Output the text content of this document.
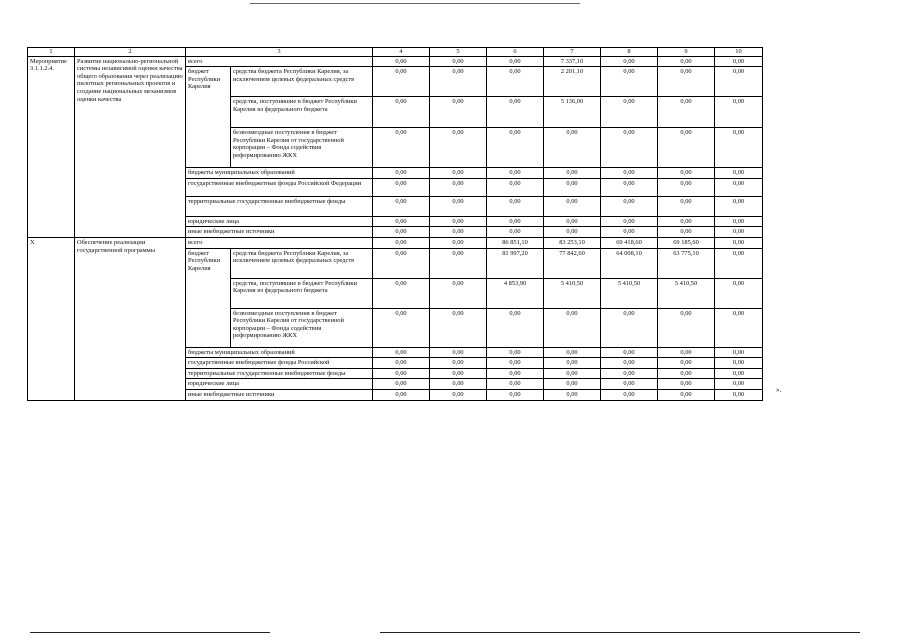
1	2	3		4	5	6	7	8	9	10
Мероприятие 3.1.1.2.4.	Развитие национально-региональной системы независимой оценки качества общего образования через реализацию пилотных региональных проектов и создание национальных механизмов оценки качества	всего		0,00	0,00	0,00	7 337,10	0,00	0,00	0,00
		бюджет Республики Карелия	средства бюджета Республики Карелия, за исключением целевых федеральных средств	0,00	0,00	0,00	2 201,10	0,00	0,00	0,00
			средства, поступившие в бюджет Республики Карелия из федерального бюджета	0,00	0,00	0,00	5 136,00	0,00	0,00	0,00
			безвозмездные поступления в бюджет Республики Карелия от государственной корпорации – Фонда содействия реформированию ЖКХ	0,00	0,00	0,00	0,00	0,00	0,00	0,00
		бюджеты муниципальных образований		0,00	0,00	0,00	0,00	0,00	0,00	0,00
		государственные внебюджетные фонды Российской Федерации		0,00	0,00	0,00	0,00	0,00	0,00	0,00
		территориальные государственные внебюджетные фонды		0,00	0,00	0,00	0,00	0,00	0,00	0,00
		юридические лица		0,00	0,00	0,00	0,00	0,00	0,00	0,00
		иные внебюджетные источники		0,00	0,00	0,00	0,00	0,00	0,00	0,00
X	Обеспечение реализации государственной программы	всего		0,00	0,00	86 851,10	83 253,10	69 418,60	69 185,60	0,00
		бюджет Республики Карелия	средства бюджета Республики Карелия, за исключением целевых федеральных средств	0,00	0,00	81 997,20	77 842,60	64 008,10	63 775,10	0,00
			средства, поступившие в бюджет Республики Карелия из федерального бюджета	0,00	0,00	4 853,90	5 410,50	5 410,50	5 410,50	0,00
			безвозмездные поступления в бюджет Республики Карелия от государственной корпорации – Фонда содействия реформированию ЖКХ	0,00	0,00	0,00	0,00	0,00	0,00	0,00
		бюджеты муниципальных образований		0,00	0,00	0,00	0,00	0,00	0,00	0,00
		государственные внебюджетные фонды Российской		0,00	0,00	0,00	0,00	0,00	0,00	0,00
		территориальные государственные внебюджетные фонды		0,00	0,00	0,00	0,00	0,00	0,00	0,00
		юридические лица		0,00	0,00	0,00	0,00	0,00	0,00	0,00
		иные внебюджетные источники		0,00	0,00	0,00	0,00	0,00	0,00	0,00
».
